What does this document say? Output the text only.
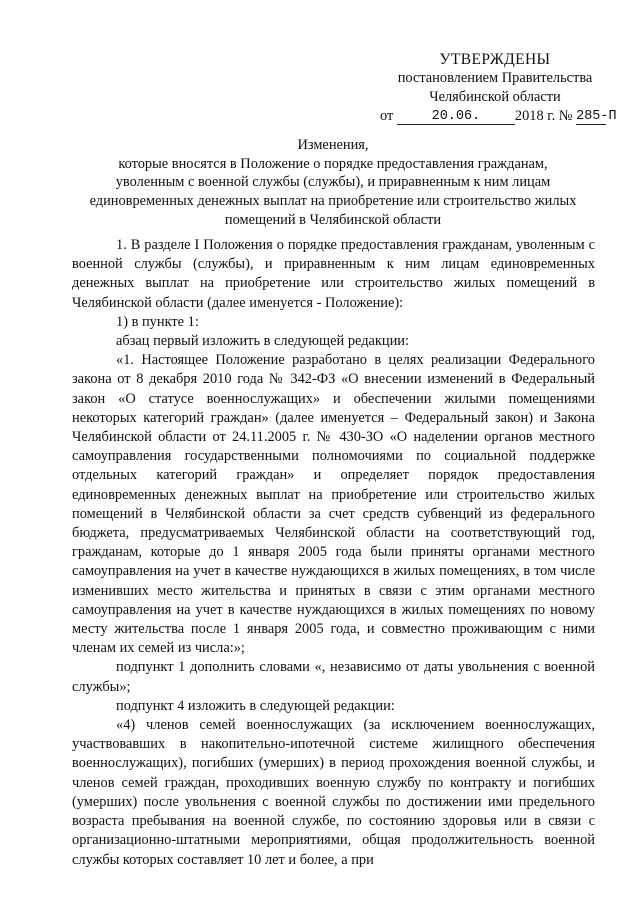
УТВЕРЖДЕНЫ
постановлением Правительства
Челябинской области
от	20.06. 2018 г. № 285-П
Изменения,
которые вносятся в Положение о порядке предоставления гражданам,
уволенным с военной службы (службы), и приравненным к ним лицам
единовременных денежных выплат на приобретение или строительство жилых
помещений в Челябинской области

1. В разделе I Положения о порядке предоставления гражданам, уволенным с военной службы (службы), и приравненным к ним лицам единовременных денежных выплат на приобретение или строительство жилых помещений в Челябинской области (далее именуется - Положение):

1) в пункте 1:

абзац первый изложить в следующей редакции:

«1. Настоящее Положение разработано в целях реализации Федерального закона от 8 декабря 2010 года № 342-ФЗ «О внесении изменений в Федеральный закон «О статусе военнослужащих» и обеспечении жилыми помещениями некоторых категорий граждан» (далее именуется – Федеральный закон) и Закона Челябинской области от 24.11.2005 г. № 430-ЗО «О наделении органов местного самоуправления государственными полномочиями по социальной поддержке отдельных категорий граждан» и определяет порядок предоставления единовременных денежных выплат на приобретение или строительство жилых помещений в Челябинской области за счет средств субвенций из федерального бюджета, предусматриваемых Челябинской области на соответствующий год, гражданам, которые до 1 января 2005 года были приняты органами местного самоуправления на учет в качестве нуждающихся в жилых помещениях, в том числе изменивших место жительства и принятых в связи с этим органами местного самоуправления на учет в качестве нуждающихся в жилых помещениях по новому месту жительства после 1 января 2005 года, и совместно проживающим с ними членам их семей из числа:»;

подпункт 1 дополнить словами «, независимо от даты увольнения с военной службы»;

подпункт 4 изложить в следующей редакции:

«4) членов семей военнослужащих (за исключением военнослужащих, участвовавших в накопительно-ипотечной системе жилищного обеспечения военнослужащих), погибших (умерших) в период прохождения военной службы, и членов семей граждан, проходивших военную службу по контракту и погибших (умерших) после увольнения с военной службы по достижении ими предельного возраста пребывания на военной службе, по состоянию здоровья или в связи с организационно-штатными мероприятиями, общая продолжительность военной службы которых составляет 10 лет и более, а при
